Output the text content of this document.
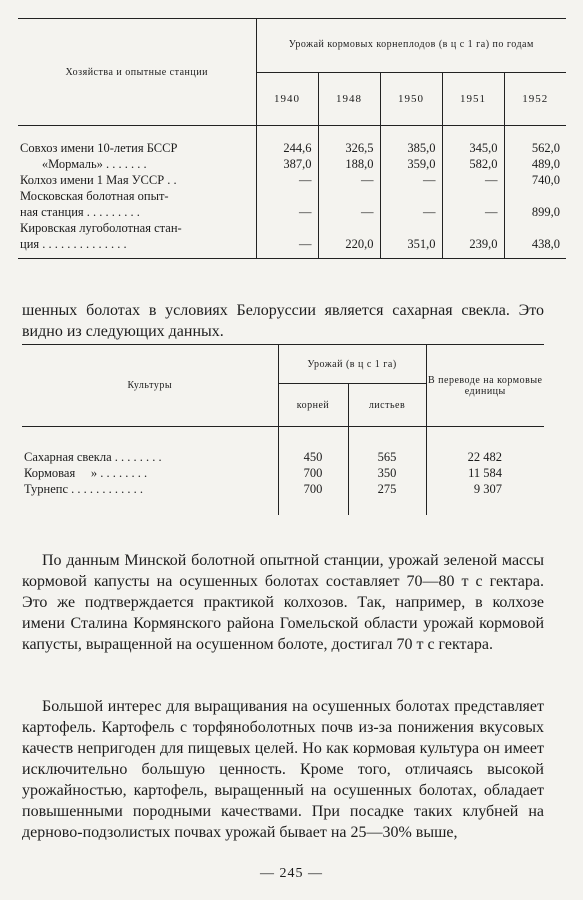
Хозяйства и опытные станции	Урожай кормовых корнеплодов (в ц с 1 га) по годам				
	1940	1948	1950	1951	1952
Совхоз имени 10-летия БССР	244,6	326,5	385,0	345,0	562,0
«Мормаль» . . . . . . .	387,0	188,0	359,0	582,0	489,0
Колхоз имени 1 Мая УССР . .	—	—	—	—	740,0
Московская болотная опыт-					
ная станция . . . . . . . . .	—	—	—	—	899,0
Кировская лугоболотная стан-					
ция . . . . . . . . . . . . . .	—	220,0	351,0	239,0	438,0

шенных болотах в условиях Белоруссии является сахарная свекла. Это видно из следующих данных.

Культуры	Урожай (в ц с 1 га)		В переводе на кормовые единицы
	корней	листьев	
Сахарная свекла . . . . . . . .	450	565	22 482
Кормовая     » . . . . . . . .	700	350	11 584
Турнепс . . . . . . . . . . . .	700	275	9 307

По данным Минской болотной опытной станции, урожай зеленой массы кормовой капусты на осушенных болотах составляет 70—80 т с гектара. Это же подтверждается практикой колхозов. Так, например, в колхозе имени Сталина Кормянского района Гомельской области урожай кормовой капусты, выращенной на осушенном болоте, достигал 70 т с гектара.

Большой интерес для выращивания на осушенных болотах представляет картофель. Картофель с торфяноболотных почв из-за понижения вкусовых качеств непригоден для пищевых целей. Но как кормовая культура он имеет исключительно большую ценность. Кроме того, отличаясь высокой урожайностью, картофель, выращенный на осушенных болотах, обладает повышенными породными качествами. При посадке таких клубней на дерново-подзолистых почвах урожай бывает на 25—30% выше,

— 245 —
